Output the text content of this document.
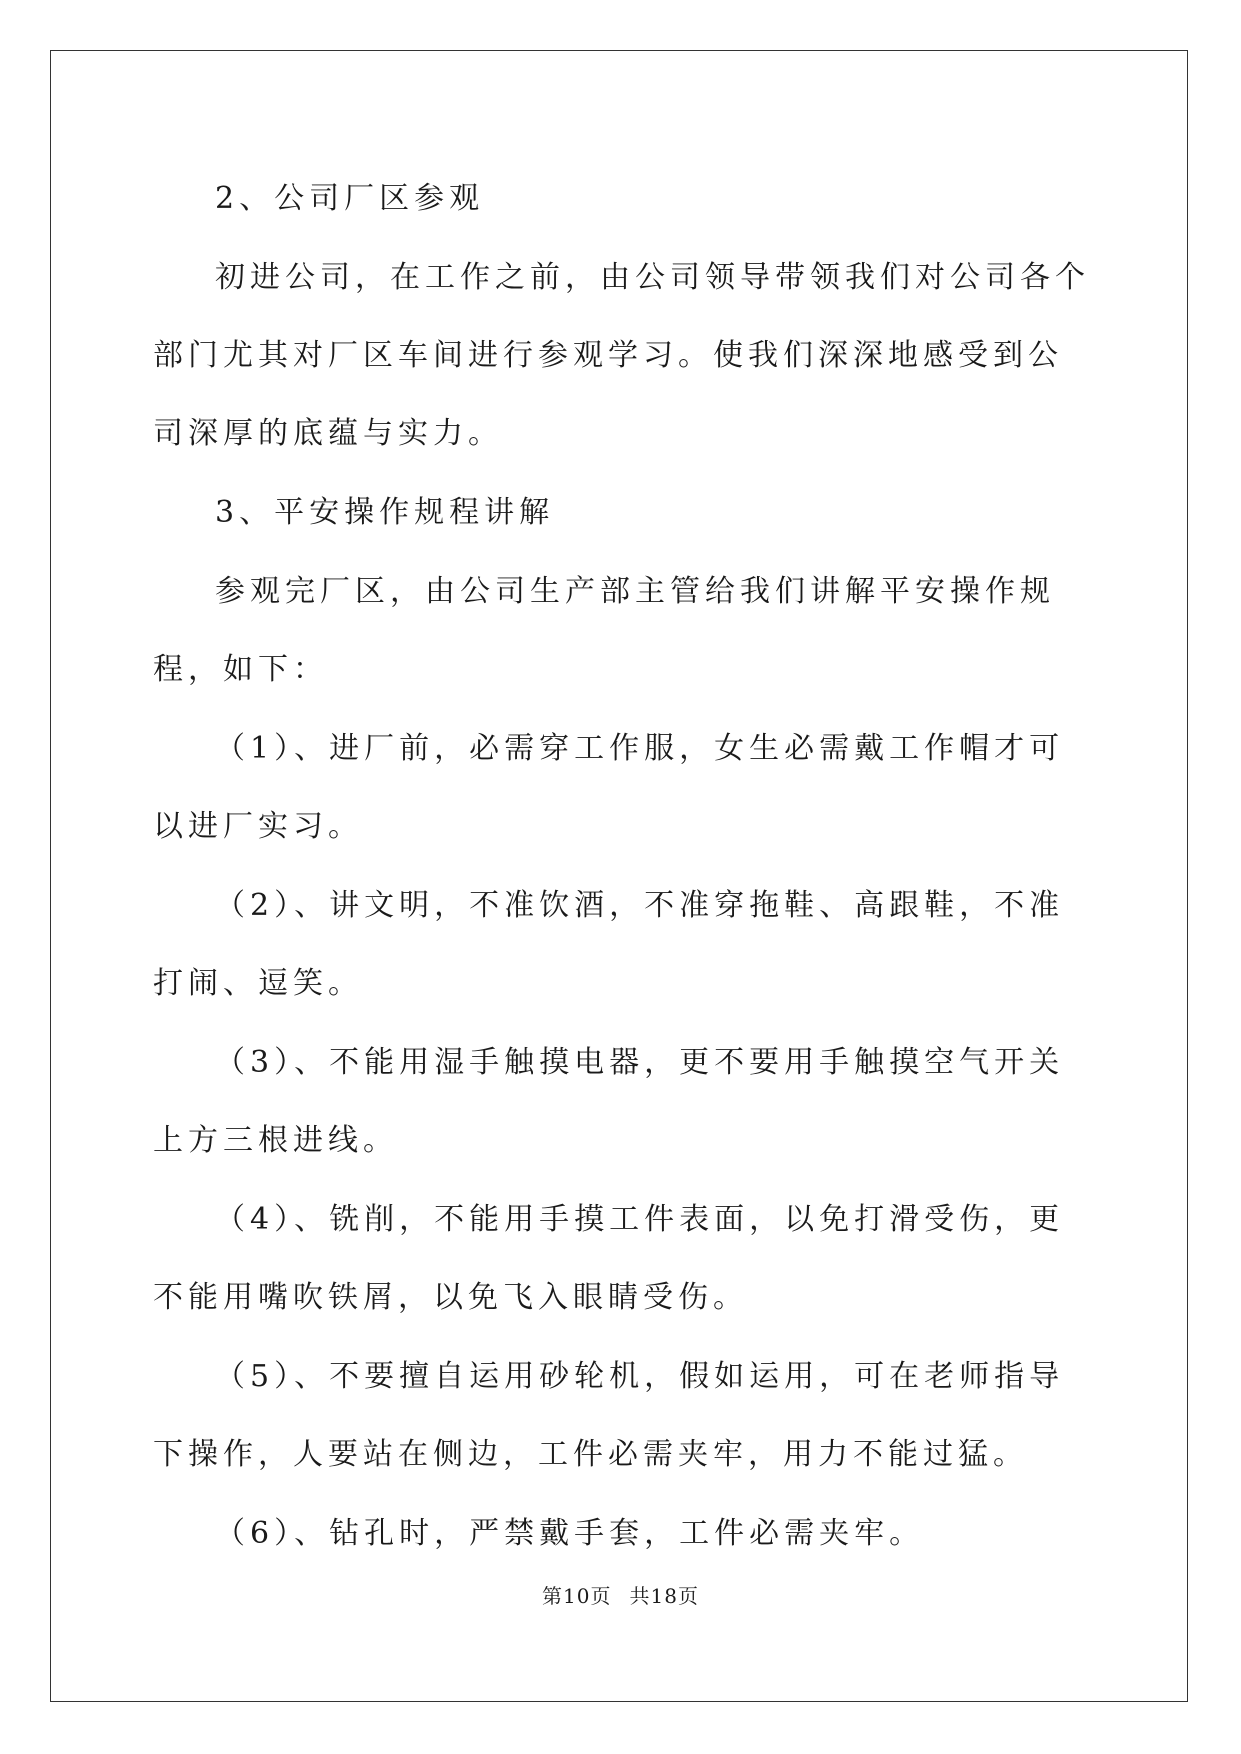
2、公司厂区参观

初进公司，在工作之前，由公司领导带领我们对公司各个部门尤其对厂区车间进行参观学习。使我们深深地感受到公司深厚的底蕴与实力。

3、平安操作规程讲解

参观完厂区，由公司生产部主管给我们讲解平安操作规程，如下：

（1）、进厂前，必需穿工作服，女生必需戴工作帽才可以进厂实习。

（2）、讲文明，不准饮酒，不准穿拖鞋、高跟鞋，不准打闹、逗笑。

（3）、不能用湿手触摸电器，更不要用手触摸空气开关上方三根进线。

（4）、铣削，不能用手摸工件表面，以免打滑受伤，更不能用嘴吹铁屑，以免飞入眼睛受伤。

（5）、不要擅自运用砂轮机，假如运用，可在老师指导下操作，人要站在侧边，工件必需夹牢，用力不能过猛。

（6）、钻孔时，严禁戴手套，工件必需夹牢。

第10页 共18页
